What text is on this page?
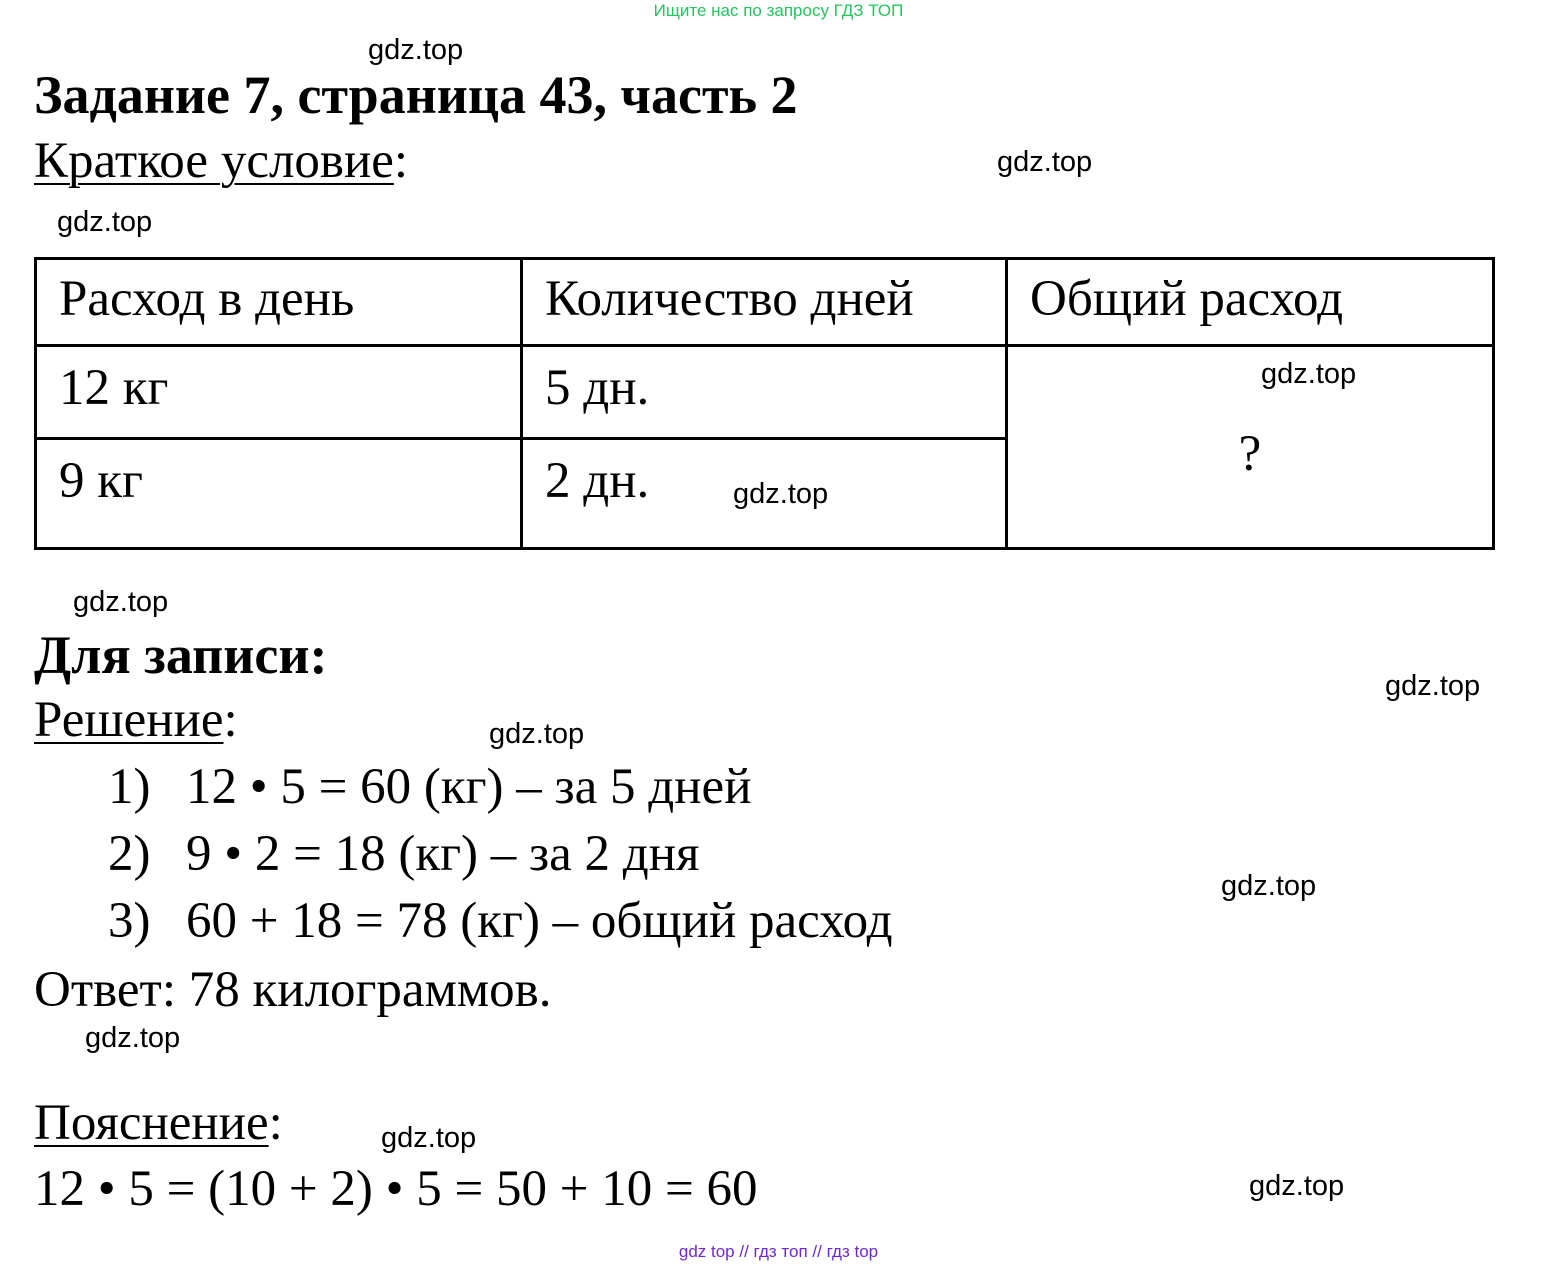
Ищите нас по запросу ГДЗ ТОП
Задание 7, страница 43, часть 2
Краткое условие:
Расход в день	Количество дней	Общий расход
12 кг	5 дн.	?
9 кг	2 дн.	
Для записи:
Решение:
1) 12 • 5 = 60 (кг) – за 5 дней
2) 9 • 2 = 18 (кг) – за 2 дня
3) 60 + 18 = 78 (кг) – общий расход
Ответ: 78 килограммов.
Пояснение:
12 • 5 = (10 + 2) • 5 = 50 + 10 = 60
gdz.top
gdz.top
gdz.top
gdz.top
gdz.top
gdz.top
gdz.top
gdz.top
gdz.top
gdz.top
gdz.top
gdz.top
gdz top // гдз топ // гдз top
